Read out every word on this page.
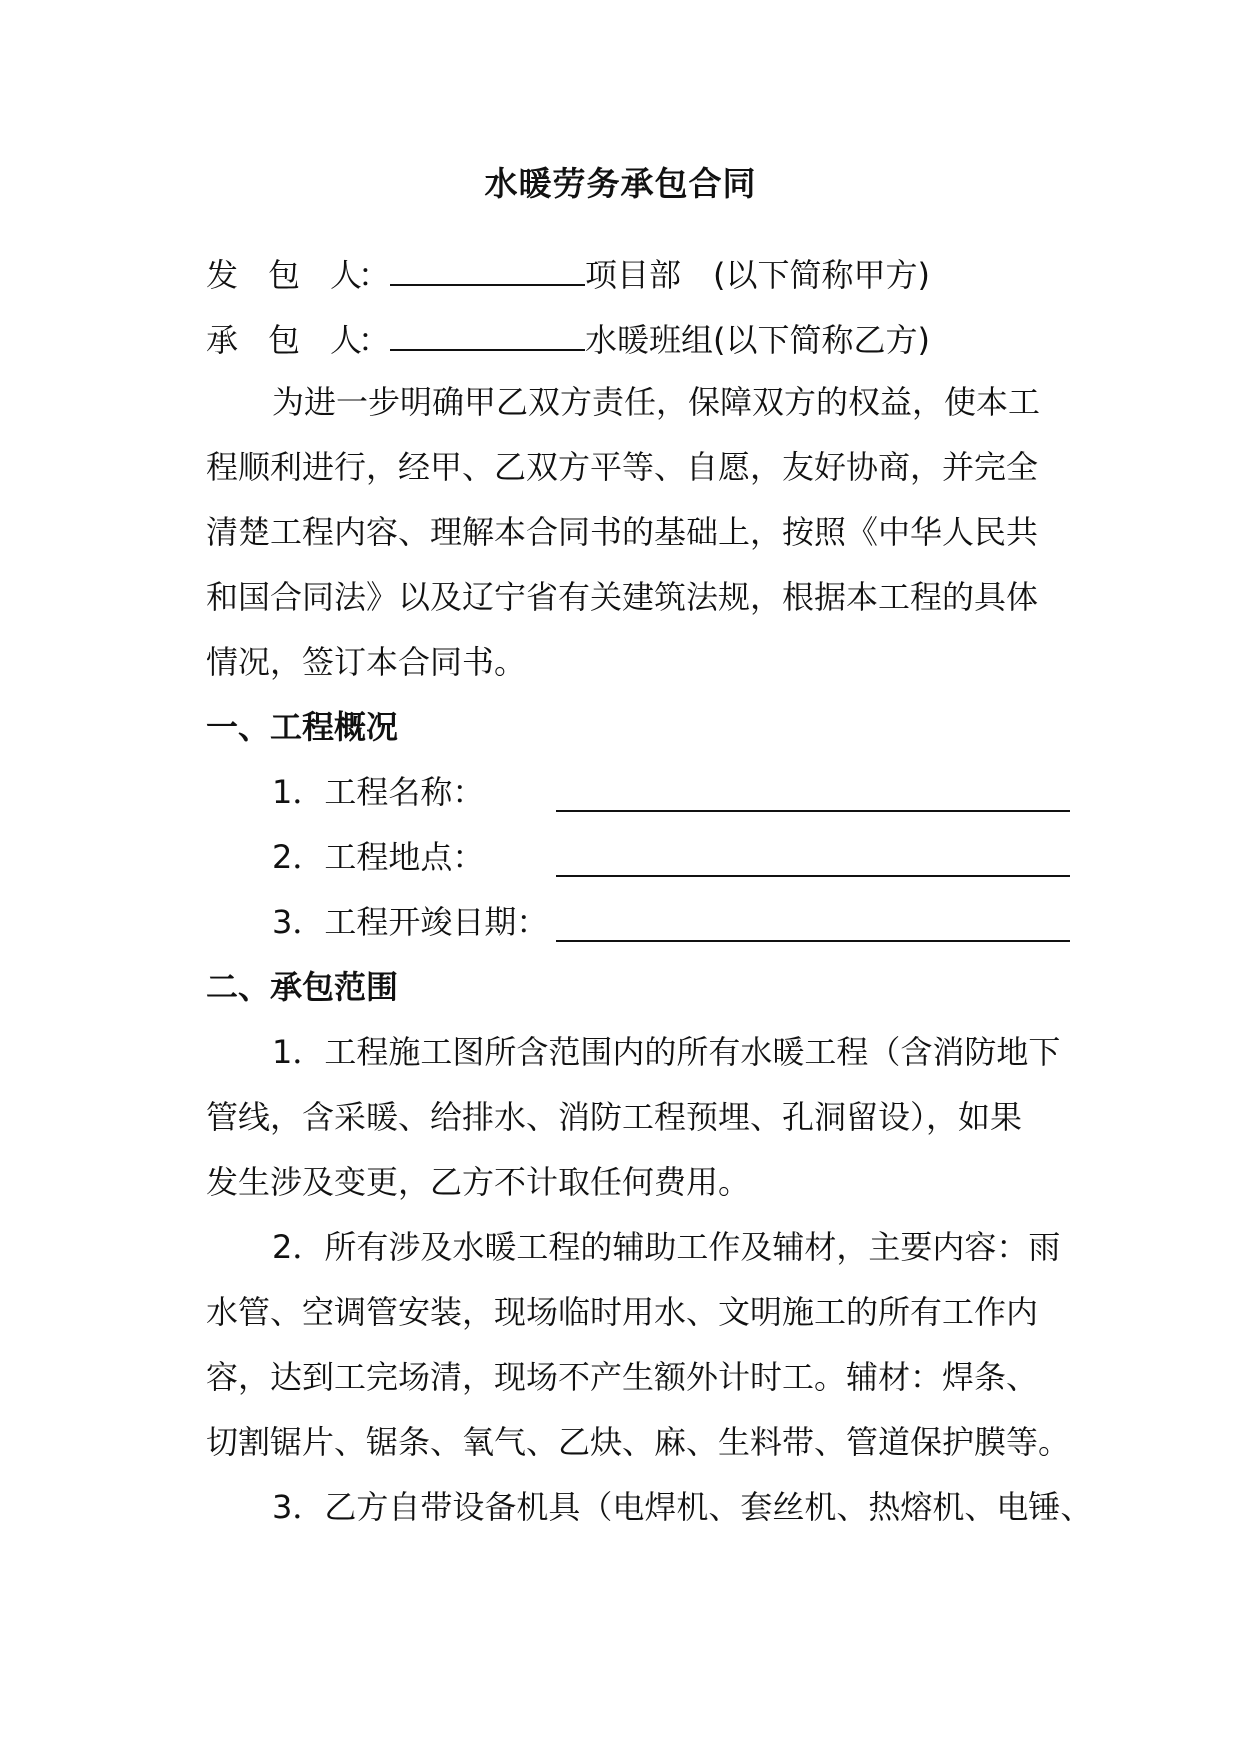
水暖劳务承包合同
发 包 人：	项目部　(以下简称甲方)
承 包 人：	水暖班组(以下简称乙方)
为进一步明确甲乙双方责任，保障双方的权益，使本工
程顺利进行，经甲、乙双方平等、自愿，友好协商，并完全
清楚工程内容、理解本合同书的基础上，按照《中华人民共
和国合同法》以及辽宁省有关建筑法规，根据本工程的具体
情况，签订本合同书。
一、工程概况
1．工程名称：
2．工程地点：
3．工程开竣日期：
二、承包范围
1．工程施工图所含范围内的所有水暖工程（含消防地下
管线，含采暖、给排水、消防工程预埋、孔洞留设），如果
发生涉及变更，乙方不计取任何费用。
2．所有涉及水暖工程的辅助工作及辅材，主要内容：雨
水管、空调管安装，现场临时用水、文明施工的所有工作内
容，达到工完场清，现场不产生额外计时工。辅材：焊条、
切割锯片、锯条、氧气、乙炔、麻、生料带、管道保护膜等。
3．乙方自带设备机具（电焊机、套丝机、热熔机、电锤、
